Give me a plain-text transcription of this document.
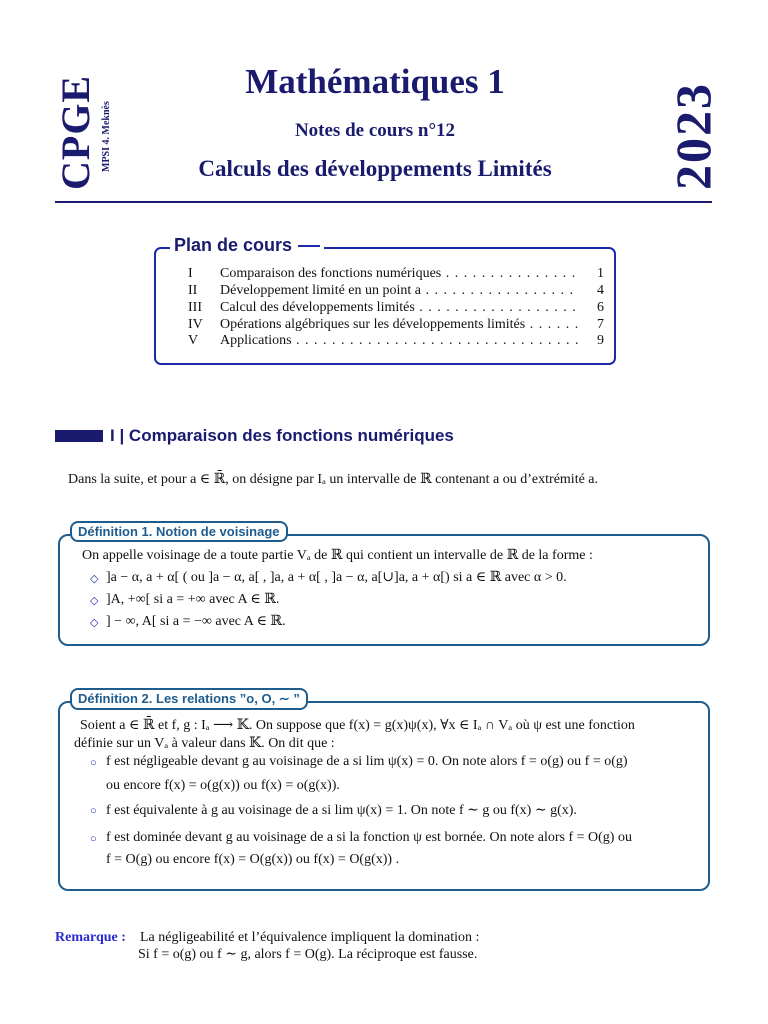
CPGE MPSI 4. Meknès	2023
Mathématiques 1
Notes de cours n°12
Calculs des développements Limités
Plan de cours
I Comparaison des fonctions numériques . . .	1
II Développement limité en un point a . . .	4
III Calcul des développements limités . . .	6
IV Opérations algébriques sur les développements limités . . .	7
V Applications . . .	9
I | Comparaison des fonctions numériques
Dans la suite, et pour a ∈ ℝ̄, on désigne par Iₐ un intervalle de ℝ contenant a ou d’extrémité a.
Définition 1. Notion de voisinage
On appelle voisinage de a toute partie Vₐ de ℝ qui contient un intervalle de ℝ de la forme :
◇ ]a − α, a + α[ ( ou ]a − α, a[ , ]a, a + α[ , ]a − α, a[∪]a, a + α[) si a ∈ ℝ avec α > 0.
◇ ]A, +∞[ si a = +∞ avec A ∈ ℝ.
◇ ] − ∞, A[ si a = −∞ avec A ∈ ℝ.
Définition 2. Les relations ”o, O, ∼ ”
Soient a ∈ ℝ̄ et f, g : Iₐ ⟶ 𝕂. On suppose que f(x) = g(x)ψ(x), ∀x ∈ Iₐ ∩ Vₐ où ψ est une fonction
définie sur un Vₐ à valeur dans 𝕂. On dit que :
○ f est négligeable devant g au voisinage de a si lim ψ(x) = 0. On note alors f = o(g) ou f = o(g)
ou encore f(x) = o(g(x)) ou f(x) = o(g(x)).
○ f est équivalente à g au voisinage de a si lim ψ(x) = 1. On note f ∼ g ou f(x) ∼ g(x).
○ f est dominée devant g au voisinage de a si la fonction ψ est bornée. On note alors f = O(g) ou
f = O(g) ou encore f(x) = O(g(x)) ou f(x) = O(g(x)) .
Remarque : La négligeabilité et l’équivalence impliquent la domination :
Si f = o(g) ou f ∼ g, alors f = O(g). La réciproque est fausse.
